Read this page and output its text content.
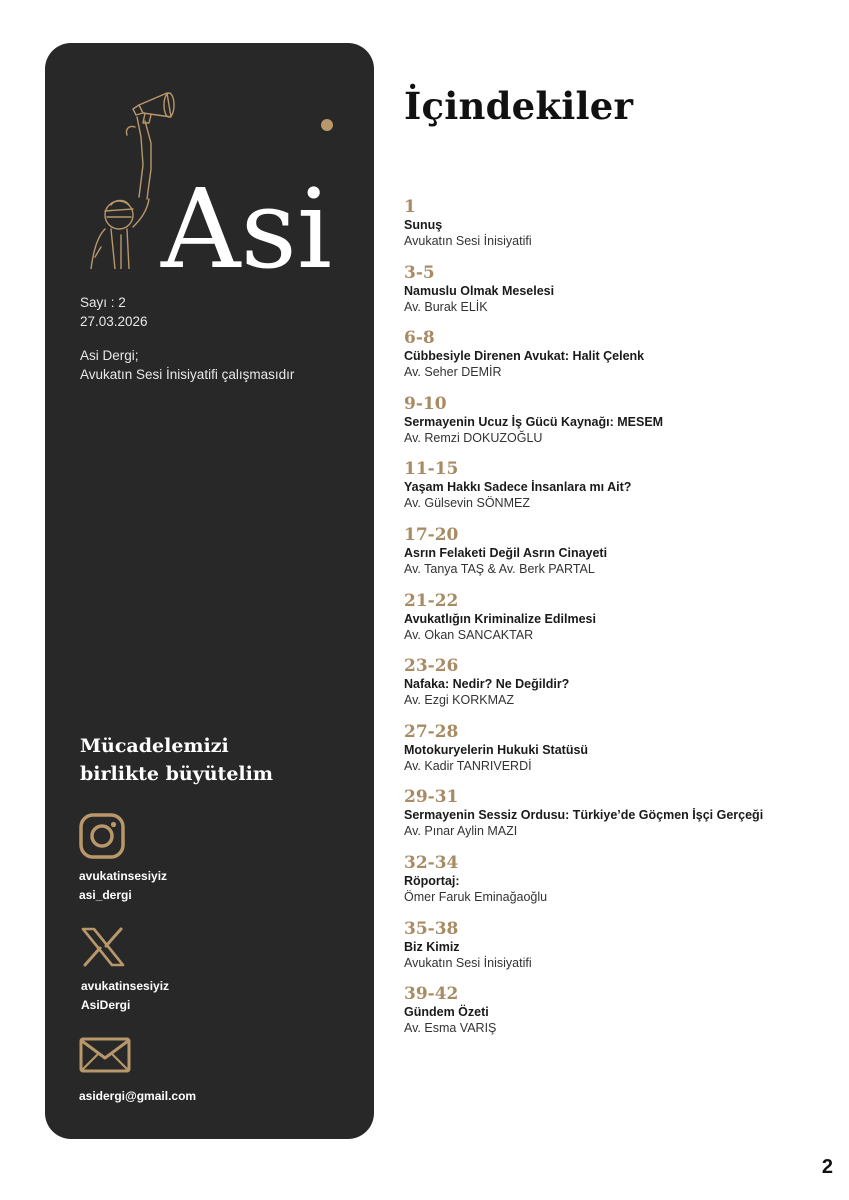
Asi
Sayı : 2
27.03.2026
Asi Dergi;
Avukatın Sesi İnisiyatifi çalışmasıdır
Mücadelemizi
birlikte büyütelim
avukatinsesiyiz
asi_dergi
avukatinsesiyiz
AsiDergi
asidergi@gmail.com
İçindekiler
1
Sunuş
Avukatın Sesi İnisiyatifi
3-5
Namuslu Olmak Meselesi
Av. Burak ELİK
6-8
Cübbesiyle Direnen Avukat: Halit Çelenk
Av. Seher DEMİR
9-10
Sermayenin Ucuz İş Gücü Kaynağı: MESEM
Av. Remzi DOKUZOĞLU
11-15
Yaşam Hakkı Sadece İnsanlara mı Ait?
Av. Gülsevin SÖNMEZ
17-20
Asrın Felaketi Değil Asrın Cinayeti
Av. Tanya TAŞ & Av. Berk PARTAL
21-22
Avukatlığın Kriminalize Edilmesi
Av. Okan SANCAKTAR
23-26
Nafaka: Nedir? Ne Değildir?
Av. Ezgi KORKMAZ
27-28
Motokuryelerin Hukuki Statüsü
Av. Kadir TANRIVERDİ
29-31
Sermayenin Sessiz Ordusu: Türkiye’de Göçmen İşçi Gerçeği
Av. Pınar Aylin MAZI
32-34
Röportaj:
Ömer Faruk Eminağaoğlu
35-38
Biz Kimiz
Avukatın Sesi İnisiyatifi
39-42
Gündem Özeti
Av. Esma VARIŞ
2
